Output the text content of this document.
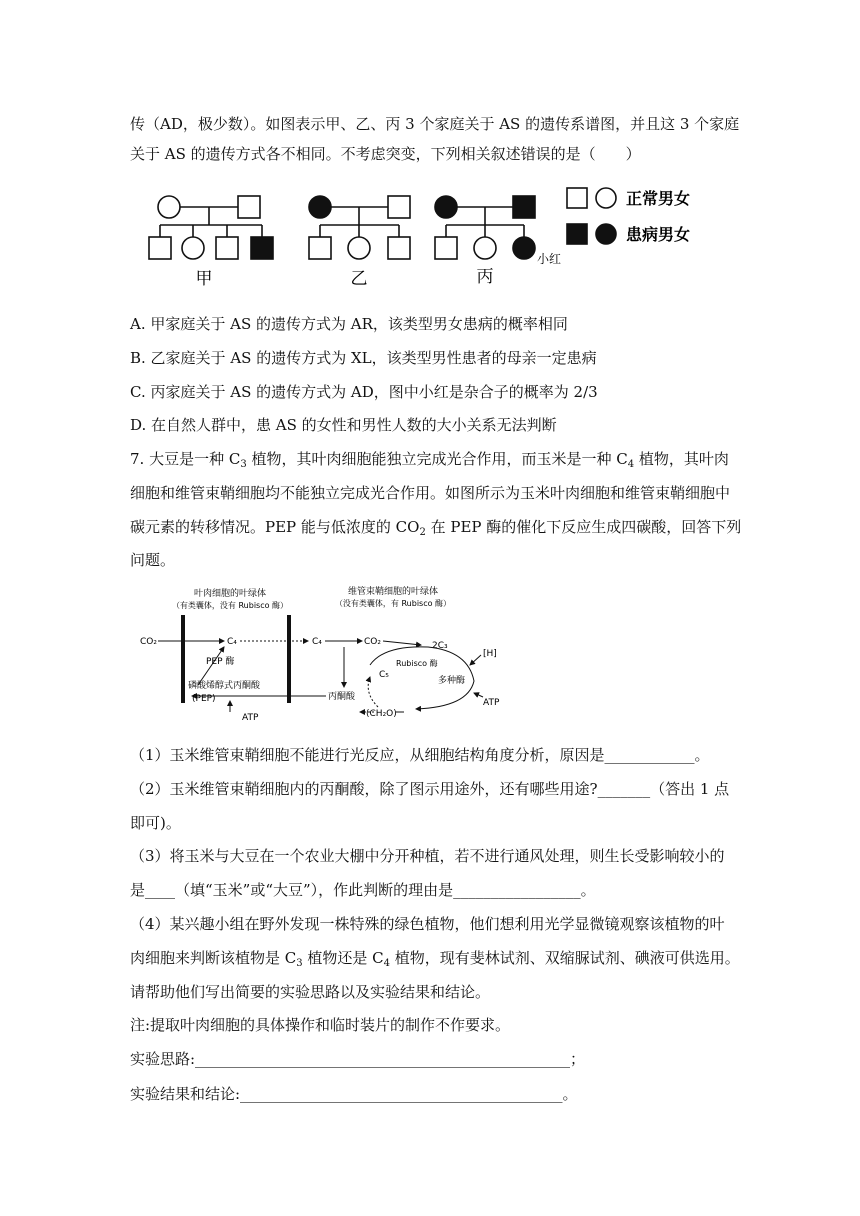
传（AD，极少数）。如图表示甲、乙、丙 3 个家庭关于 AS 的遗传系谱图，并且这 3 个家庭
关于 AS 的遗传方式各不相同。不考虑突变，下列相关叙述错误的是（　　）
甲	乙	丙
小红
正常男女
患病男女
A. 甲家庭关于 AS 的遗传方式为 AR，该类型男女患病的概率相同
B. 乙家庭关于 AS 的遗传方式为 XL，该类型男性患者的母亲一定患病
C. 丙家庭关于 AS 的遗传方式为 AD，图中小红是杂合子的概率为 2/3
D. 在自然人群中，患 AS 的女性和男性人数的大小关系无法判断
7. 大豆是一种 $C_3$ 植物，其叶肉细胞能独立完成光合作用，而玉米是一种 $C_4$ 植物，其叶肉
细胞和维管束鞘细胞均不能独立完成光合作用。如图所示为玉米叶肉细胞和维管束鞘细胞中
碳元素的转移情况。PEP 能与低浓度的 $CO_2$ 在 PEP 酶的催化下反应生成四碳酸，回答下列
问题。
叶肉细胞的叶绿体
（有类囊体，没有 Rubisco 酶）
维管束鞘细胞的叶绿体
（没有类囊体，有 Rubisco 酶）
CO₂	C₄	C₄	CO₂	2C₃
Rubisco 酶
[H]
C₅
多种酶
ATP
(CH₂O)
丙酮酸
PEP 酶
磷酸烯醇式丙酮酸
(PEP)
ATP
（1）玉米维管束鞘细胞不能进行光反应，从细胞结构角度分析，原因是____________。
（2）玉米维管束鞘细胞内的丙酮酸，除了图示用途外，还有哪些用途?_______（答出 1 点
即可)。
（3）将玉米与大豆在一个农业大棚中分开种植，若不进行通风处理，则生长受影响较小的
是____（填“玉米”或“大豆”），作此判断的理由是_________________。
（4）某兴趣小组在野外发现一株特殊的绿色植物，他们想利用光学显微镜观察该植物的叶
肉细胞来判断该植物是 $C_3$ 植物还是 $C_4$ 植物，现有斐林试剂、双缩脲试剂、碘液可供选用。
请帮助他们写出简要的实验思路以及实验结果和结论。
注:提取叶肉细胞的具体操作和临时装片的制作不作要求。
实验思路:__________________________________________________；
实验结果和结论:___________________________________________。
